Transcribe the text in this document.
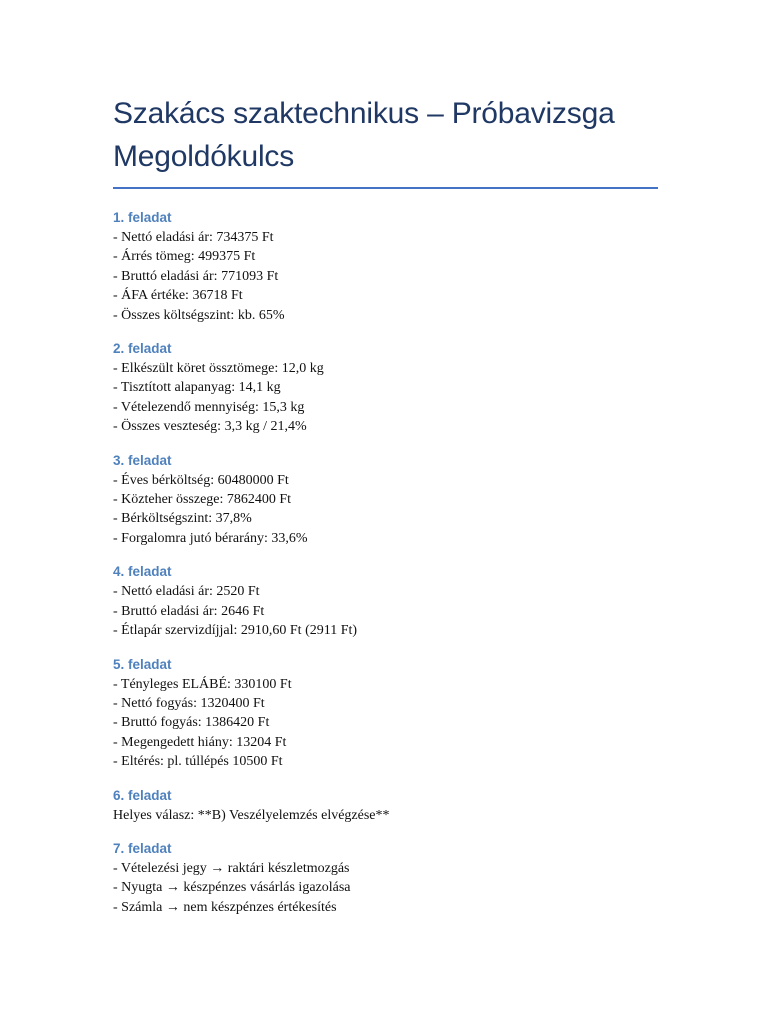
Szakács szaktechnikus – Próbavizsga Megoldókulcs
1. feladat
- Nettó eladási ár: 734375 Ft
- Árrés tömeg: 499375 Ft
- Bruttó eladási ár: 771093 Ft
- ÁFA értéke: 36718 Ft
- Összes költségszint: kb. 65%
2. feladat
- Elkészült köret össztömege: 12,0 kg
- Tisztított alapanyag: 14,1 kg
- Vételezendő mennyiség: 15,3 kg
- Összes veszteség: 3,3 kg / 21,4%
3. feladat
- Éves bérköltség: 60480000 Ft
- Közteher összege: 7862400 Ft
- Bérköltségszint: 37,8%
- Forgalomra jutó bérarány: 33,6%
4. feladat
- Nettó eladási ár: 2520 Ft
- Bruttó eladási ár: 2646 Ft
- Étlapár szervizdíjjal: 2910,60 Ft (2911 Ft)
5. feladat
- Tényleges ELÁBÉ: 330100 Ft
- Nettó fogyás: 1320400 Ft
- Bruttó fogyás: 1386420 Ft
- Megengedett hiány: 13204 Ft
- Eltérés: pl. túllépés 10500 Ft
6. feladat
Helyes válasz: **B) Veszélyelemzés elvégzése**
7. feladat
- Vételezési jegy → raktári készletmozgás
- Nyugta → készpénzes vásárlás igazolása
- Számla → nem készpénzes értékesítés
